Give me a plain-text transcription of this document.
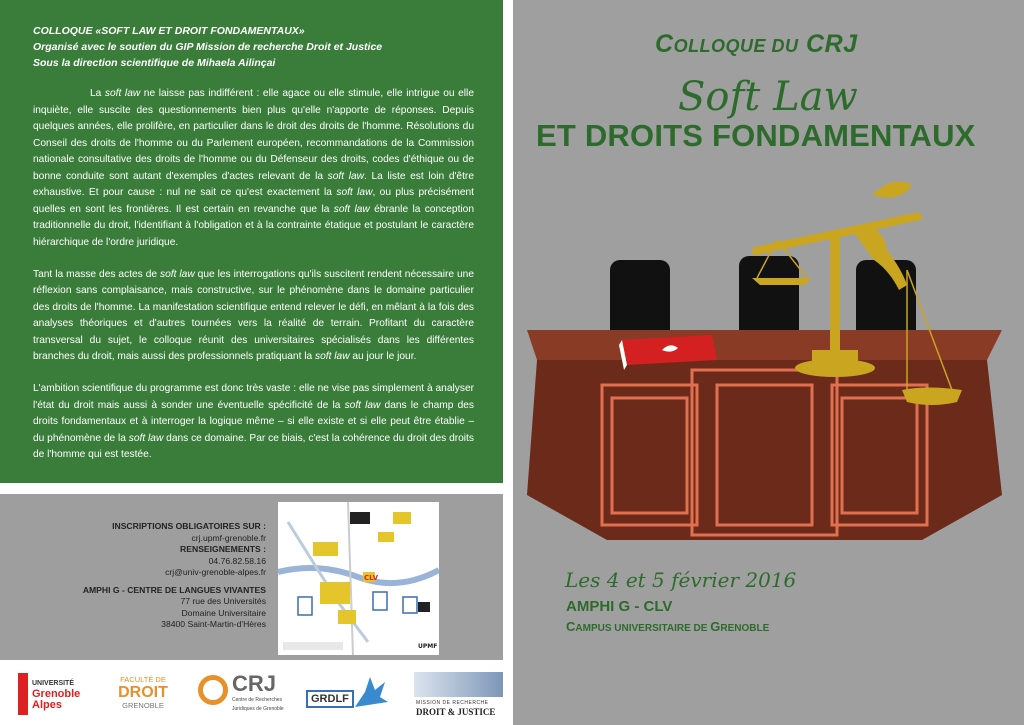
COLLOQUE «SOFT LAW ET DROIT FONDAMENTAUX»
Organisé avec le soutien du GIP Mission de recherche Droit et Justice
Sous la direction scientifique de Mihaela Ailinçai

La soft law ne laisse pas indifférent : elle agace ou elle stimule, elle intrigue ou elle inquiète, elle suscite des questionnements bien plus qu'elle n'apporte de réponses. Depuis quelques années, elle prolifère, en particulier dans le droit des droits de l'homme. Résolutions du Conseil des droits de l'homme ou du Parlement européen, recommandations de la Commission nationale consultative des droits de l'homme ou du Défenseur des droits, codes d'éthique ou de bonne conduite sont autant d'exemples d'actes relevant de la soft law. La liste est loin d'être exhaustive. Et pour cause : nul ne sait ce qu'est exactement la soft law, ou plus précisément quelles en sont les frontières. Il est certain en revanche que la soft law ébranle la conception traditionnelle du droit, l'identifiant à l'obligation et à la contrainte étatique et postulant le caractère hiérarchique de l'ordre juridique.

Tant la masse des actes de soft law que les interrogations qu'ils suscitent rendent nécessaire une réflexion sans complaisance, mais constructive, sur le phénomène dans le domaine particulier des droits de l'homme. La manifestation scientifique entend relever le défi, en mêlant à la fois des analyses théoriques et d'autres tournées vers la réalité de terrain. Profitant du caractère transversal du sujet, le colloque réunit des universitaires spécialisés dans les différentes branches du droit, mais aussi des professionnels pratiquant la soft law au jour le jour.

L'ambition scientifique du programme est donc très vaste : elle ne vise pas simplement à analyser l'état du droit mais aussi à sonder une éventuelle spécificité de la soft law dans le champ des droits fondamentaux et à interroger la logique même – si elle existe et si elle peut être établie – du phénomène de la soft law dans ce domaine. Par ce biais, c'est la cohérence du droit des droits de l'homme qui est testée.

INSCRIPTIONS OBLIGATOIRES SUR :
crj.upmf-grenoble.fr
RENSEIGNEMENTS :
04.76.82.58.16
crj@univ-grenoble-alpes.fr
AMPHI G - CENTRE DE LANGUES VIVANTES
77 rue des Universités
Domaine Universitaire
38400 Saint-Martin-d'Hères
CLV
UPMF
UNIVERSITÉ
Grenoble
Alpes
FACULTÉ DE
DROIT
GRENOBLE
CRJ
Centre de Recherches
Juridiques de Grenoble
GRDLF	MISSION DE RECHERCHE
DROIT & JUSTICE
COLLOQUE DU CRJ
Soft Law
ET DROITS FONDAMENTAUX
Les 4 et 5 février 2016
AMPHI G - CLV
CAMPUS UNIVERSITAIRE DE GRENOBLE
